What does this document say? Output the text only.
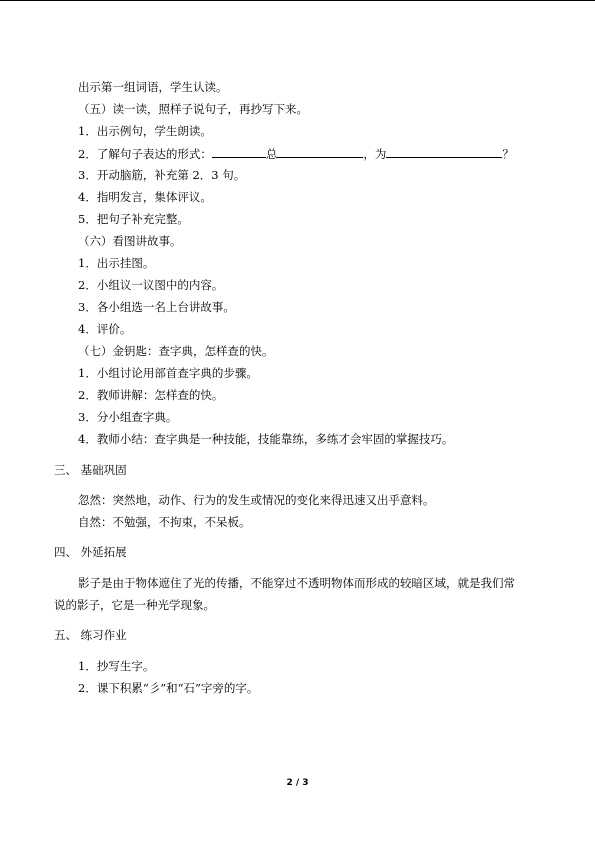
出示第一组词语，学生认读。
（五）读一读，照样子说句子，再抄写下来。
1．出示例句，学生朗读。
2．了解句子表达的形式：	总	，为	？
3．开动脑筋，补充第 2．3 句。
4．指明发言，集体评议。
5．把句子补充完整。
（六）看图讲故事。
1．出示挂图。
2．小组议一议图中的内容。
3．各小组选一名上台讲故事。
4．评价。
（七）金钥匙：查字典，怎样查的快。
1．小组讨论用部首查字典的步骤。
2．教师讲解：怎样查的快。
3．分小组查字典。
4．教师小结：查字典是一种技能，技能靠练，多练才会牢固的掌握技巧。
三、 基础巩固
忽然：突然地，动作、行为的发生或情况的变化来得迅速又出乎意料。
自然：不勉强，不拘束，不呆板。
四、 外延拓展
影子是由于物体遮住了光的传播，不能穿过不透明物体而形成的较暗区域，就是我们常
说的影子，它是一种光学现象。
五、 练习作业
1．抄写生字。
2．课下积累“彡”和“石”字旁的字。
2 / 3
